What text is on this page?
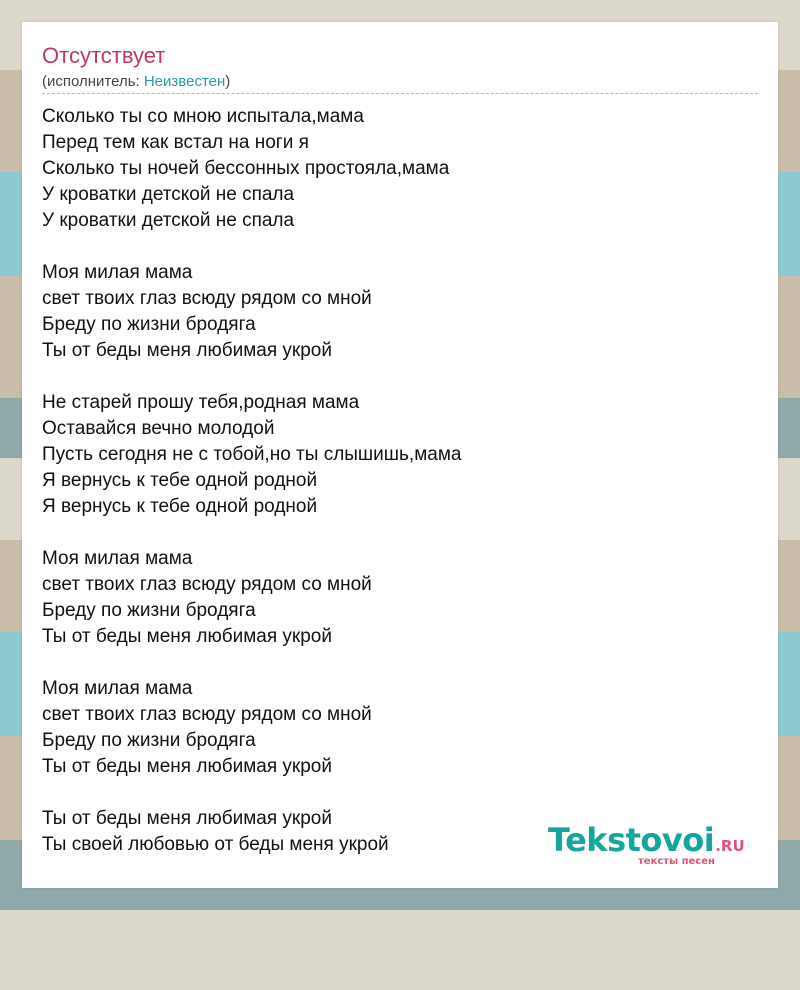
Отсутствует
(исполнитель: Неизвестен)
Сколько ты со мною испытала,мама
Перед тем как встал на ноги я
Сколько ты ночей бессонных простояла,мама
У кроватки детской не спала
У кроватки детской не спала
Моя милая мама
свет твоих глаз всюду рядом со мной
Бреду по жизни бродяга
Ты от беды меня любимая укрой
Не старей прошу тебя,родная мама
Оставайся вечно молодой
Пусть сегодня не с тобой,но ты слышишь,мама
Я вернусь к тебе одной родной
Я вернусь к тебе одной родной
Моя милая мама
свет твоих глаз всюду рядом со мной
Бреду по жизни бродяга
Ты от беды меня любимая укрой
Моя милая мама
свет твоих глаз всюду рядом со мной
Бреду по жизни бродяга
Ты от беды меня любимая укрой
Ты от беды меня любимая укрой
Ты своей любовью от беды меня укрой	Tekstovoi.RU
тексты песен
